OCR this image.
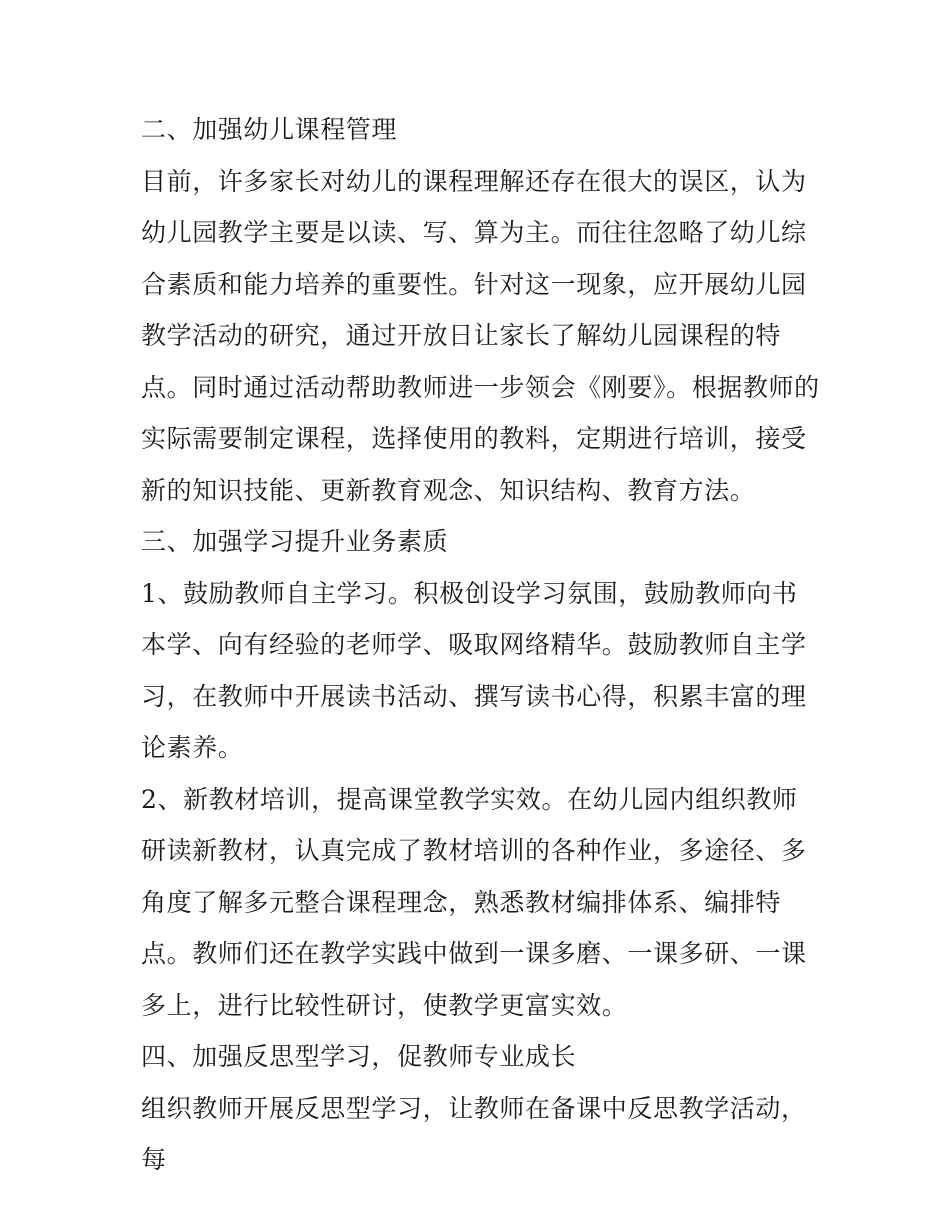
二、加强幼儿课程管理

目前，许多家长对幼儿的课程理解还存在很大的误区，认为幼儿园教学主要是以读、写、算为主。而往往忽略了幼儿综合素质和能力培养的重要性。针对这一现象，应开展幼儿园教学活动的研究，通过开放日让家长了解幼儿园课程的特点。同时通过活动帮助教师进一步领会《刚要》。根据教师的实际需要制定课程，选择使用的教料，定期进行培训，接受新的知识技能、更新教育观念、知识结构、教育方法。

三、加强学习提升业务素质

1、鼓励教师自主学习。积极创设学习氛围，鼓励教师向书本学、向有经验的老师学、吸取网络精华。鼓励教师自主学习，在教师中开展读书活动、撰写读书心得，积累丰富的理论素养。

2、新教材培训，提高课堂教学实效。在幼儿园内组织教师研读新教材，认真完成了教材培训的各种作业，多途径、多角度了解多元整合课程理念，熟悉教材编排体系、编排特点。教师们还在教学实践中做到一课多磨、一课多研、一课多上，进行比较性研讨，使教学更富实效。

四、加强反思型学习，促教师专业成长

组织教师开展反思型学习，让教师在备课中反思教学活动，每
